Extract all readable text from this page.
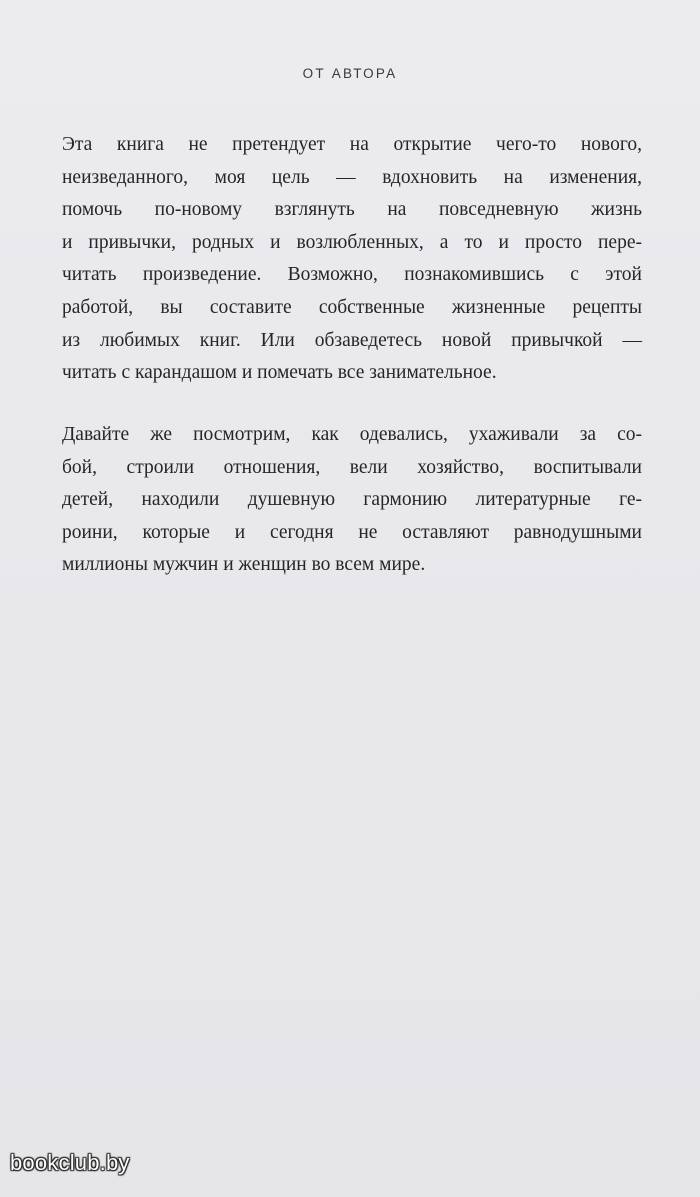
ОТ АВТОРА

Эта книга не претендует на открытие чего-то нового,
неизведанного, моя цель — вдохновить на изменения,
помочь по-новому взглянуть на повседневную жизнь
и привычки, родных и возлюбленных, а то и просто пере-
читать произведение. Возможно, познакомившись с этой
работой, вы составите собственные жизненные рецепты
из любимых книг. Или обзаведетесь новой привычкой —
читать с карандашом и помечать все занимательное.

Давайте же посмотрим, как одевались, ухаживали за со-
бой, строили отношения, вели хозяйство, воспитывали
детей, находили душевную гармонию литературные ге-
роини, которые и сегодня не оставляют равнодушными
миллионы мужчин и женщин во всем мире.

bookclub.by
